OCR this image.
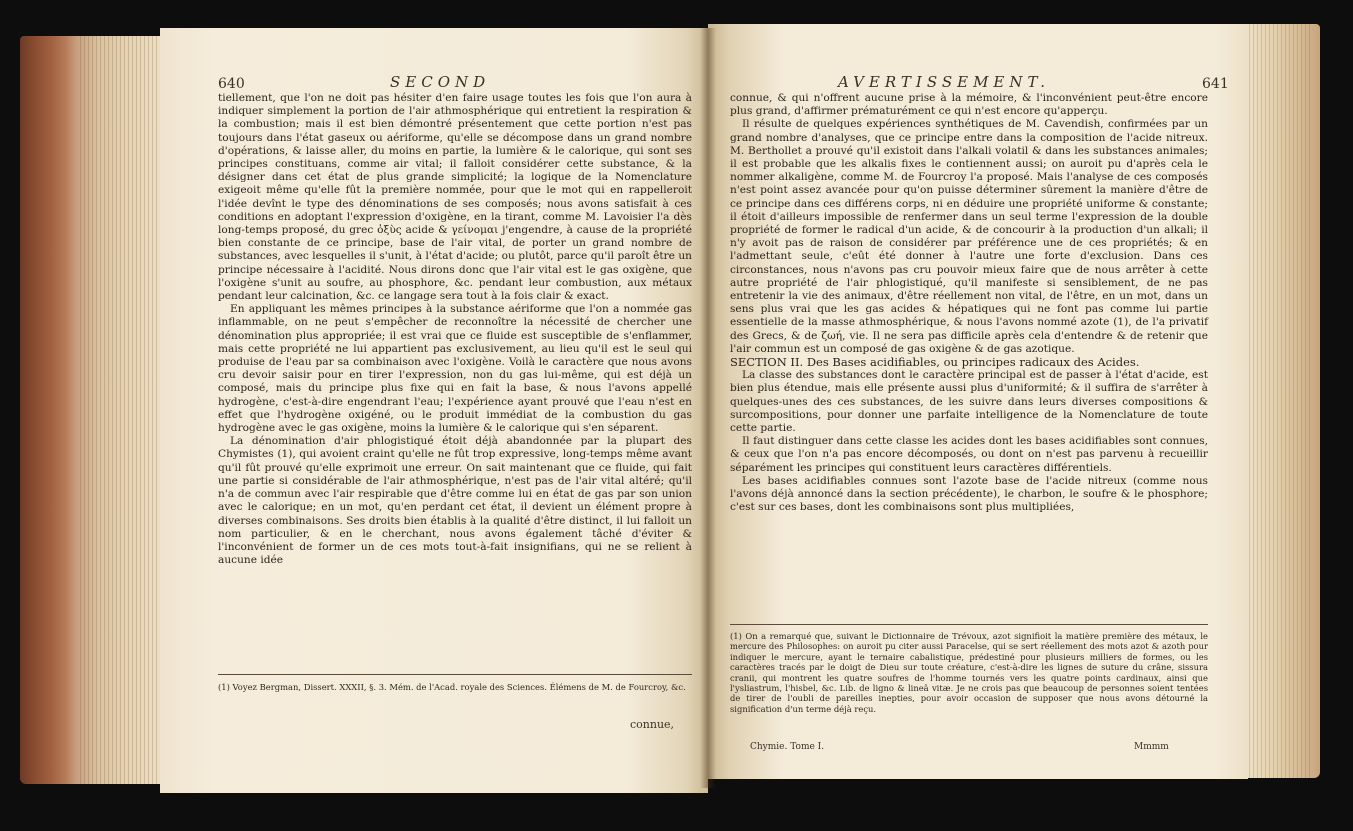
640	SECOND

tiellement, que l'on ne doit pas hésiter d'en faire usage toutes les fois que l'on aura à indiquer simplement la portion de l'air athmosphérique qui entretient la respiration & la combustion; mais il est bien démontré présentement que cette portion n'est pas toujours dans l'état gaseux ou aériforme, qu'elle se décompose dans un grand nombre d'opérations, & laisse aller, du moins en partie, la lumière & le calorique, qui sont ses principes constituans, comme air vital; il falloit considérer cette substance, & la désigner dans cet état de plus grande simplicité; la logique de la Nomenclature exigeoit même qu'elle fût la première nommée, pour que le mot qui en rappelleroit l'idée devînt le type des dénominations de ses composés; nous avons satisfait à ces conditions en adoptant l'expression d'oxigène, en la tirant, comme M. Lavoisier l'a dès long-temps proposé, du grec ὀξὺς acide & γείνομαι j'engendre, à cause de la propriété bien constante de ce principe, base de l'air vital, de porter un grand nombre de substances, avec lesquelles il s'unit, à l'état d'acide; ou plutôt, parce qu'il paroît être un principe nécessaire à l'acidité. Nous dirons donc que l'air vital est le gas oxigène, que l'oxigène s'unit au soufre, au phosphore, &c. pendant leur combustion, aux métaux pendant leur calcination, &c. ce langage sera tout à la fois clair & exact.

En appliquant les mêmes principes à la substance aériforme que l'on a nommée gas inflammable, on ne peut s'empêcher de reconnoître la nécessité de chercher une dénomination plus appropriée; il est vrai que ce fluide est susceptible de s'enflammer, mais cette propriété ne lui appartient pas exclusivement, au lieu qu'il est le seul qui produise de l'eau par sa combinaison avec l'oxigène. Voilà le caractère que nous avons cru devoir saisir pour en tirer l'expression, non du gas lui-même, qui est déjà un composé, mais du principe plus fixe qui en fait la base, & nous l'avons appellé hydrogène, c'est-à-dire engendrant l'eau; l'expérience ayant prouvé que l'eau n'est en effet que l'hydrogène oxigéné, ou le produit immédiat de la combustion du gas hydrogène avec le gas oxigène, moins la lumière & le calorique qui s'en séparent.

La dénomination d'air phlogistiqué étoit déjà abandonnée par la plupart des Chymistes (1), qui avoient craint qu'elle ne fût trop expressive, long-temps même avant qu'il fût prouvé qu'elle exprimoit une erreur. On sait maintenant que ce fluide, qui fait une partie si considérable de l'air athmosphérique, n'est pas de l'air vital altéré; qu'il n'a de commun avec l'air respirable que d'être comme lui en état de gas par son union avec le calorique; en un mot, qu'en perdant cet état, il devient un élément propre à diverses combinaisons. Ses droits bien établis à la qualité d'être distinct, il lui falloit un nom particulier, & en le cherchant, nous avons également tâché d'éviter & l'inconvénient de former un de ces mots tout-à-fait insignifians, qui ne se relient à aucune idée

(1) Voyez Bergman, Dissert. XXXII, §. 3. Mém. de l'Acad. royale des Sciences. Élémens de M. de Fourcroy, &c.
connue,
AVERTISSEMENT.	641

connue, & qui n'offrent aucune prise à la mémoire, & l'inconvénient peut-être encore plus grand, d'affirmer prématurément ce qui n'est encore qu'apperçu.

Il résulte de quelques expériences synthétiques de M. Cavendish, confirmées par un grand nombre d'analyses, que ce principe entre dans la composition de l'acide nitreux. M. Berthollet a prouvé qu'il existoit dans l'alkali volatil & dans les substances animales; il est probable que les alkalis fixes le contiennent aussi; on auroit pu d'après cela le nommer alkaligène, comme M. de Fourcroy l'a proposé. Mais l'analyse de ces composés n'est point assez avancée pour qu'on puisse déterminer sûrement la manière d'être de ce principe dans ces différens corps, ni en déduire une propriété uniforme & constante; il étoit d'ailleurs impossible de renfermer dans un seul terme l'expression de la double propriété de former le radical d'un acide, & de concourir à la production d'un alkali; il n'y avoit pas de raison de considérer par préférence une de ces propriétés; & en l'admettant seule, c'eût été donner à l'autre une forte d'exclusion. Dans ces circonstances, nous n'avons pas cru pouvoir mieux faire que de nous arrêter à cette autre propriété de l'air phlogistiqué, qu'il manifeste si sensiblement, de ne pas entretenir la vie des animaux, d'être réellement non vital, de l'être, en un mot, dans un sens plus vrai que les gas acides & hépatiques qui ne font pas comme lui partie essentielle de la masse athmosphérique, & nous l'avons nommé azote (1), de l'a privatif des Grecs, & de ζωή, vie. Il ne sera pas difficile après cela d'entendre & de retenir que l'air commun est un composé de gas oxigène & de gas azotique.

SECTION II. Des Bases acidifiables, ou principes radicaux des Acides.

La classe des substances dont le caractère principal est de passer à l'état d'acide, est bien plus étendue, mais elle présente aussi plus d'uniformité; & il suffira de s'arrêter à quelques-unes des ces substances, de les suivre dans leurs diverses compositions & surcompositions, pour donner une parfaite intelligence de la Nomenclature de toute cette partie.

Il faut distinguer dans cette classe les acides dont les bases acidifiables sont connues, & ceux que l'on n'a pas encore décomposés, ou dont on n'est pas parvenu à recueillir séparément les principes qui constituent leurs caractères différentiels.

Les bases acidifiables connues sont l'azote base de l'acide nitreux (comme nous l'avons déjà annoncé dans la section précédente), le charbon, le soufre & le phosphore; c'est sur ces bases, dont les combinaisons sont plus multipliées,

(1) On a remarqué que, suivant le Dictionnaire de Trévoux, azot signifioit la matière première des métaux, le mercure des Philosophes: on auroit pu citer aussi Paracelse, qui se sert réellement des mots azot & azoth pour indiquer le mercure, ayant le ternaire cabalistique, prédestiné pour plusieurs milliers de formes, ou les caractères tracés par le doigt de Dieu sur toute créature, c'est-à-dire les lignes de suture du crâne, sissura cranii, qui montrent les quatre soufres de l'homme tournés vers les quatre points cardinaux, ainsi que l'ysliastrum, l'hisbel, &c. Lib. de ligno & lineâ vitæ. Je ne crois pas que beaucoup de personnes soient tentées de tirer de l'oubli de pareilles inepties, pour avoir occasion de supposer que nous avons détourné la signification d'un terme déjà reçu.
Chymie. Tome I.	Mmmm
